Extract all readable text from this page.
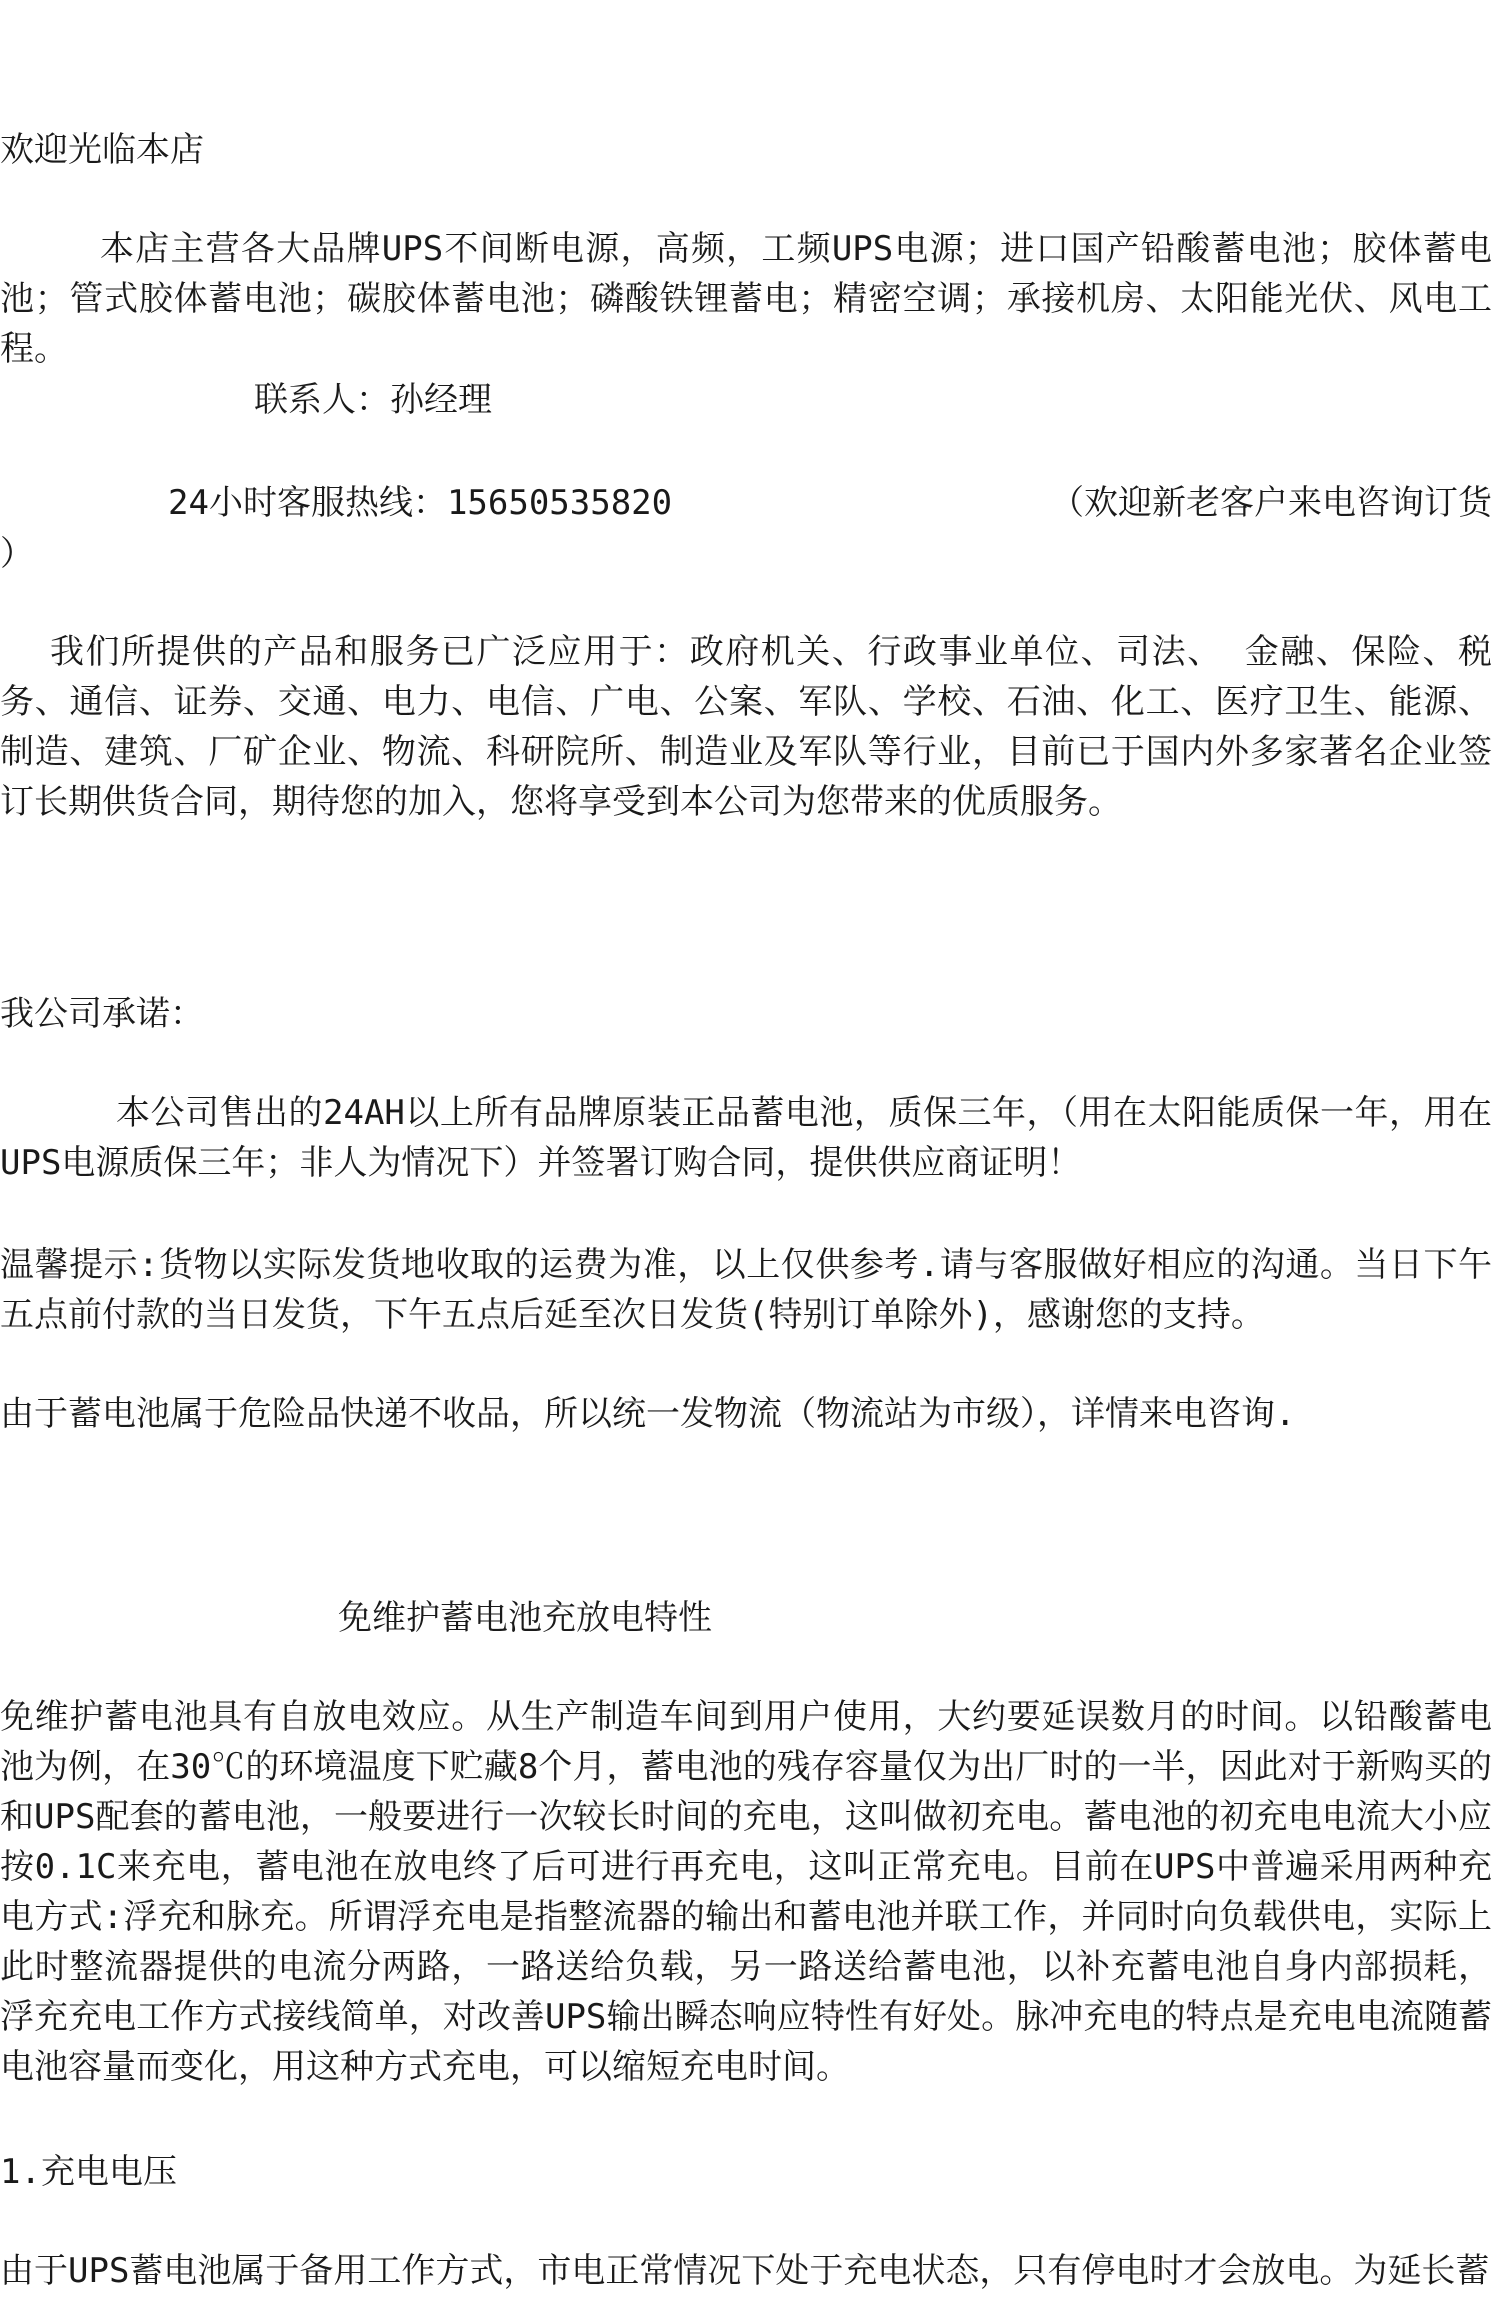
欢迎光临本店

本店主营各大品牌UPS不间断电源，高频，工频UPS电源；进口国产铅酸蓄电池；胶体蓄电池；管式胶体蓄电池；碳胶体蓄电池；磷酸铁锂蓄电；精密空调；承接机房、太阳能光伏、风电工程。

联系人：孙经理
24小时客服热线：15650535820	（欢迎新老客户来电咨询订货
）

我们所提供的产品和服务已广泛应用于：政府机关、行政事业单位、司法、 金融、保险、税务、通信、证券、交通、电力、电信、广电、公案、军队、学校、石油、化工、医疗卫生、能源、制造、建筑、厂矿企业、物流、科研院所、制造业及军队等行业，目前已于国内外多家著名企业签订长期供货合同，期待您的加入，您将享受到本公司为您带来的优质服务。

我公司承诺：

本公司售出的24AH以上所有品牌原装正品蓄电池，质保三年，（用在太阳能质保一年，用在UPS电源质保三年；非人为情况下）并签署订购合同，提供供应商证明！

温馨提示:货物以实际发货地收取的运费为准，以上仅供参考.请与客服做好相应的沟通。当日下午五点前付款的当日发货，下午五点后延至次日发货(特别订单除外)，感谢您的支持。

由于蓄电池属于危险品快递不收品，所以统一发物流（物流站为市级），详情来电咨询.
免维护蓄电池充放电特性

免维护蓄电池具有自放电效应。从生产制造车间到用户使用，大约要延误数月的时间。以铅酸蓄电池为例，在30℃的环境温度下贮藏8个月，蓄电池的残存容量仅为出厂时的一半，因此对于新购买的和UPS配套的蓄电池，一般要进行一次较长时间的充电，这叫做初充电。蓄电池的初充电电流大小应按0.1C来充电，蓄电池在放电终了后可进行再充电，这叫正常充电。目前在UPS中普遍采用两种充电方式:浮充和脉充。所谓浮充电是指整流器的输出和蓄电池并联工作，并同时向负载供电，实际上此时整流器提供的电流分两路，一路送给负载，另一路送给蓄电池，以补充蓄电池自身内部损耗，浮充充电工作方式接线简单，对改善UPS输出瞬态响应特性有好处。脉冲充电的特点是充电电流随蓄电池容量而变化，用这种方式充电，可以缩短充电时间。

1.充电电压

由于UPS蓄电池属于备用工作方式，市电正常情况下处于充电状态，只有停电时才会放电。为延长蓄
